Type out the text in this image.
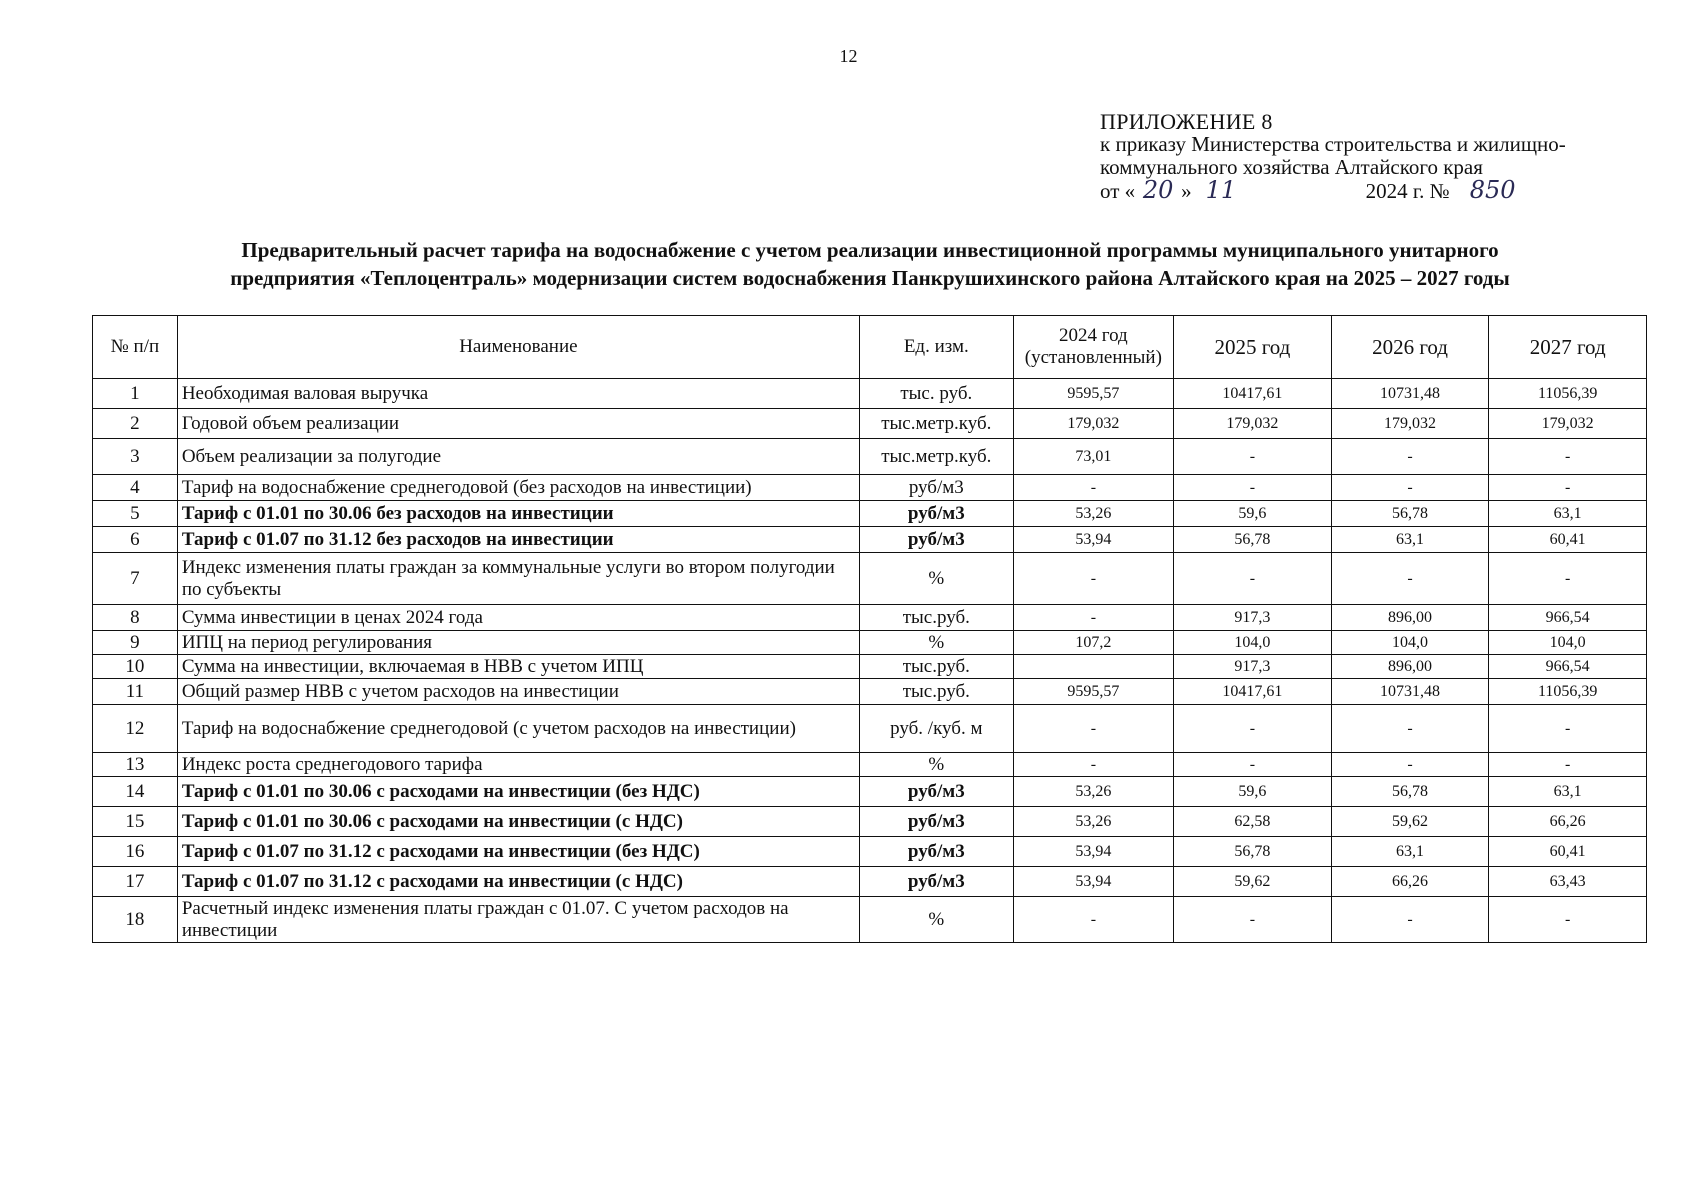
12
ПРИЛОЖЕНИЕ 8
к приказу Министерства строительства и жилищно-
коммунального хозяйства Алтайского края
от « 20 » 11	2024 г. № 850
Предварительный расчет тарифа на водоснабжение с учетом реализации инвестиционной программы муниципального унитарного
предприятия «Теплоцентраль» модернизации систем водоснабжения Панкрушихинского района Алтайского края на 2025 – 2027 годы
№ п/п	Наименование	Ед. изм.	2024 год (установленный)	2025 год	2026 год	2027 год
1	Необходимая валовая выручка	тыс. руб.	9595,57	10417,61	10731,48	11056,39
2	Годовой объем реализации	тыс.метр.куб.	179,032	179,032	179,032	179,032
3	Объем реализации за полугодие	тыс.метр.куб.	73,01	-	-	-
4	Тариф на водоснабжение среднегодовой (без расходов на инвестиции)	руб/м3	-	-	-	-
5	Тариф с 01.01 по 30.06 без расходов на инвестиции	руб/м3	53,26	59,6	56,78	63,1
6	Тариф с 01.07 по 31.12 без расходов на инвестиции	руб/м3	53,94	56,78	63,1	60,41
7	Индекс изменения платы граждан за коммунальные услуги во втором полугодии по субъекты	%	-	-	-	-
8	Сумма инвестиции в ценах 2024 года	тыс.руб.	-	917,3	896,00	966,54
9	ИПЦ на период регулирования	%	107,2	104,0	104,0	104,0
10	Сумма на инвестиции, включаемая в НВВ с учетом ИПЦ	тыс.руб.		917,3	896,00	966,54
11	Общий размер НВВ с учетом расходов на инвестиции	тыс.руб.	9595,57	10417,61	10731,48	11056,39
12	Тариф на водоснабжение среднегодовой (с учетом расходов на инвестиции)	руб. /куб. м	-	-	-	-
13	Индекс роста среднегодового тарифа	%	-	-	-	-
14	Тариф с 01.01 по 30.06 с расходами на инвестиции (без НДС)	руб/м3	53,26	59,6	56,78	63,1
15	Тариф с 01.01 по 30.06 с расходами на инвестиции (с НДС)	руб/м3	53,26	62,58	59,62	66,26
16	Тариф с 01.07 по 31.12 с расходами на инвестиции (без НДС)	руб/м3	53,94	56,78	63,1	60,41
17	Тариф с 01.07 по 31.12 с расходами на инвестиции (с НДС)	руб/м3	53,94	59,62	66,26	63,43
18	Расчетный индекс изменения платы граждан с 01.07. С учетом расходов на инвестиции	%	-	-	-	-
